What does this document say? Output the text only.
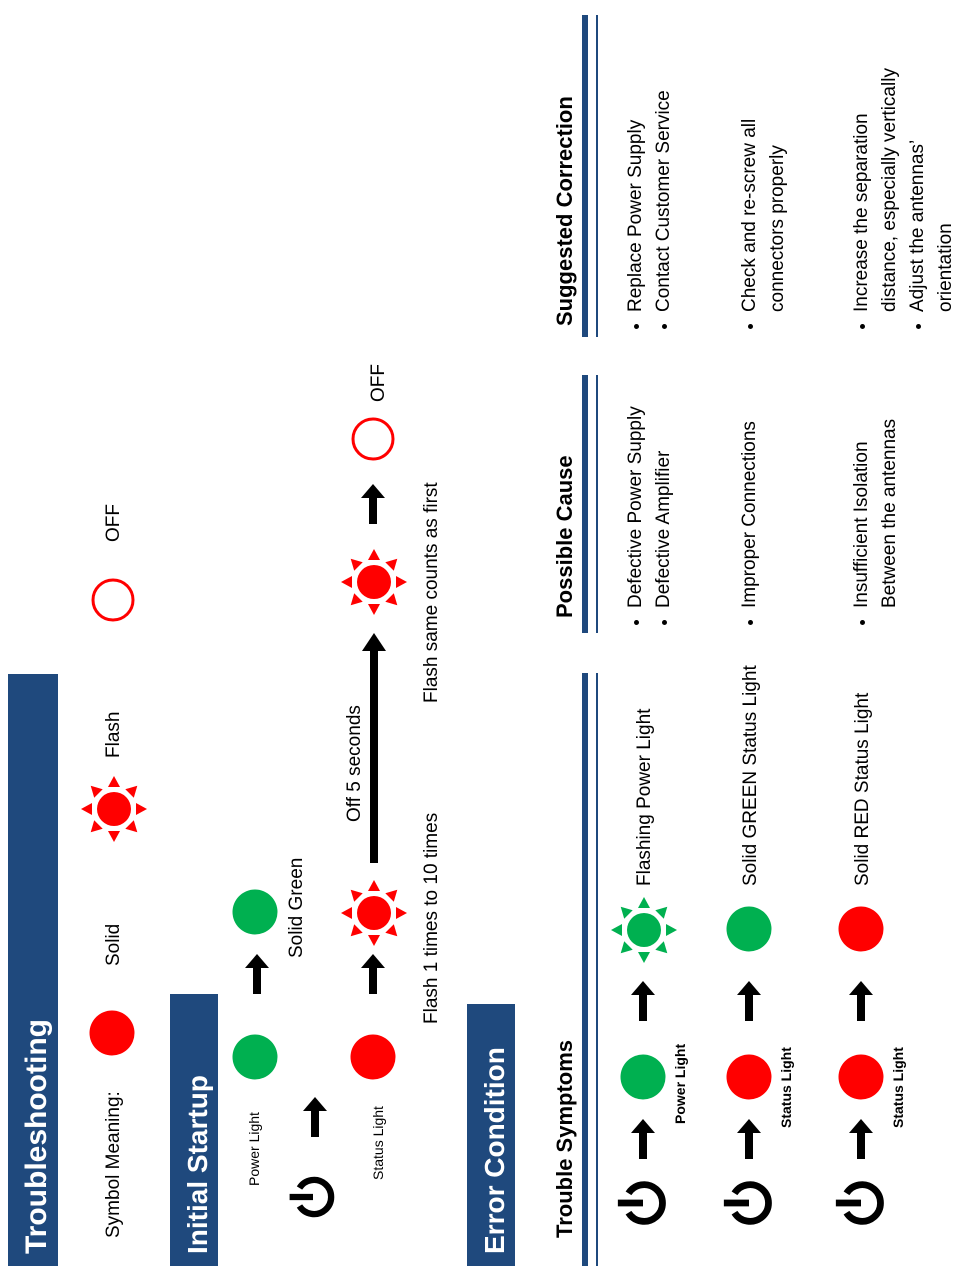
Troubleshooting	Symbol Meaning:
Solid
Flash
OFF
Initial Startup Power Light
Solid Green
Status Light
Flash 1 times to 10 times
Off 5 seconds
Flash same counts as first
OFF
Error Condition Trouble Symptoms
Possible Cause
Suggested Correction
Power Light
Flashing Power Light
• Defective Power Supply • Defective Amplifier
• Replace Power Supply • Contact Customer Service
Status Light
Solid GREEN Status Light
• Improper Connections
• Check and re-screw all connectors properly
Status Light
Solid RED Status Light
• Insufficient Isolation Between the antennas
• Increase the separation distance, especially vertically • Adjust the antennas’ orientation
